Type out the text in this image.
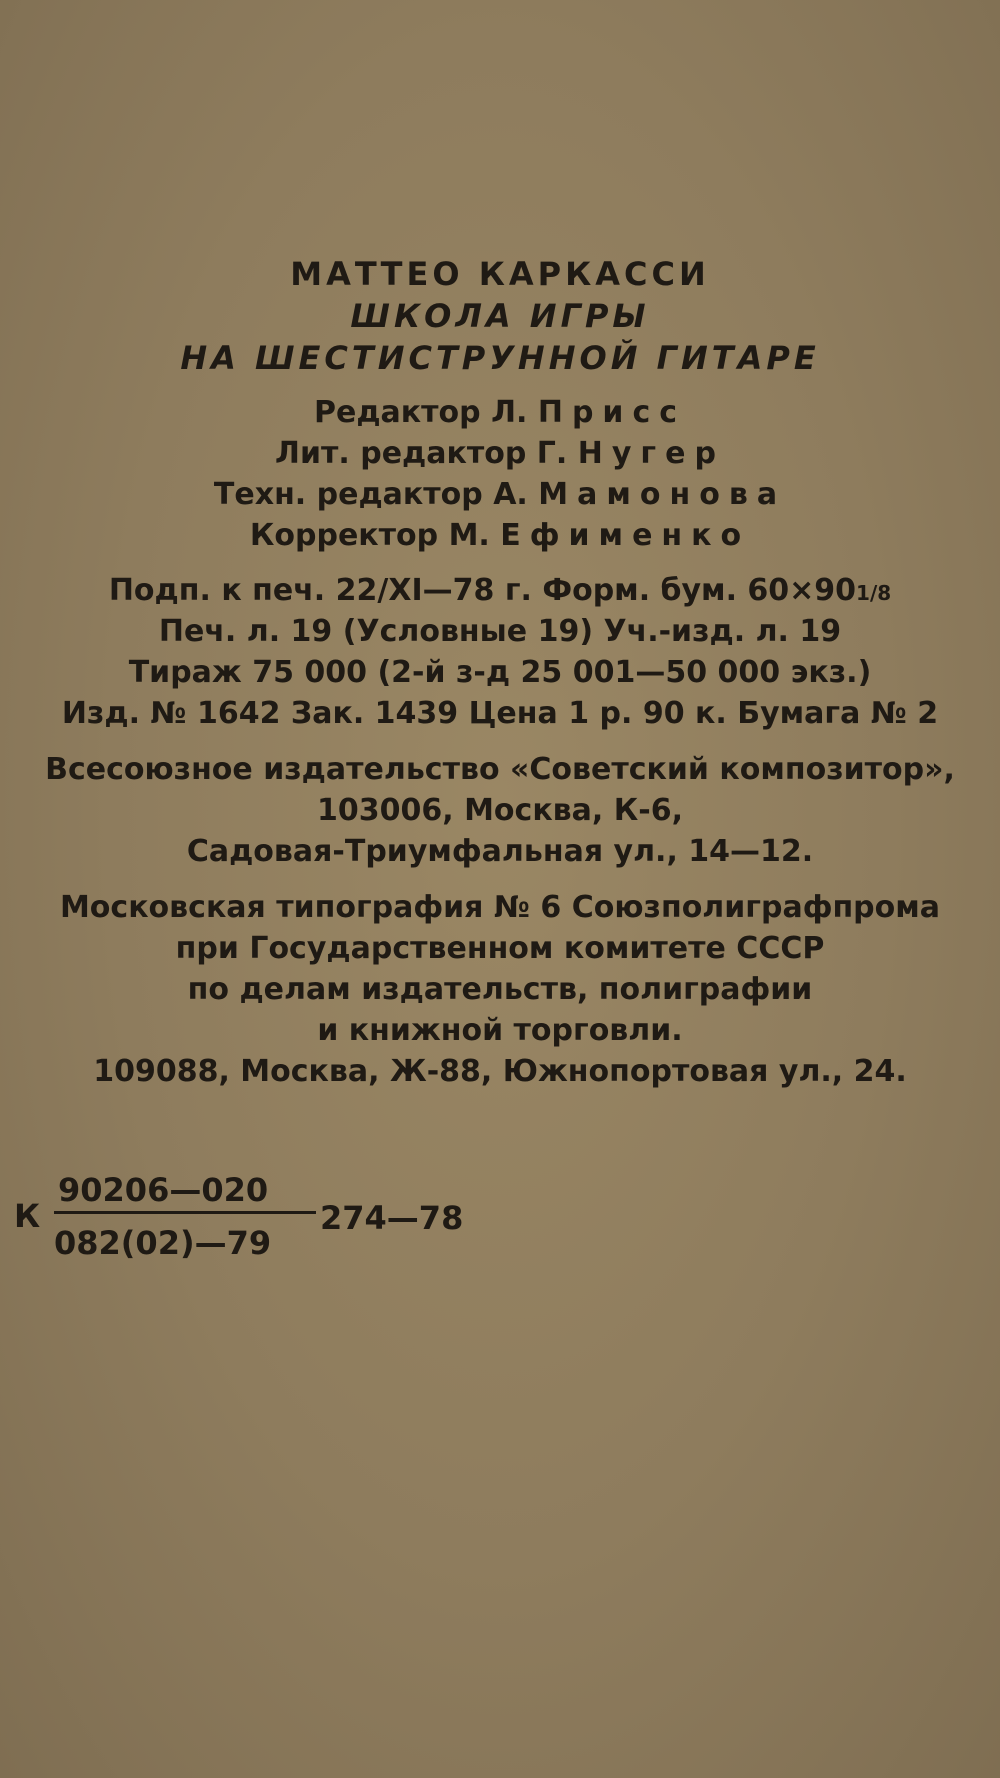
МАТТЕО КАРКАССИ
ШКОЛА ИГРЫ
НА ШЕСТИСТРУННОЙ ГИТАРЕ
Редактор Л. Присс
Лит. редактор Г. Нугер
Техн. редактор А. Мамонова
Корректор М. Ефименко
Подп. к печ. 22/XI—78 г. Форм. бум. 60×901/8
Печ. л. 19 (Условные 19) Уч.-изд. л. 19
Тираж 75 000 (2-й з-д 25 001—50 000 экз.)
Изд. № 1642 Зак. 1439 Цена 1 р. 90 к. Бумага № 2
Всесоюзное издательство «Советский композитор»,
103006, Москва, К-6,
Садовая-Триумфальная ул., 14—12.
Московская типография № 6 Союзполиграфпрома
при Государственном комитете СССР
по делам издательств, полиграфии
и книжной торговли.
109088, Москва, Ж-88, Южнопортовая ул., 24.
К
90206—020
082(02)—79
274—78
